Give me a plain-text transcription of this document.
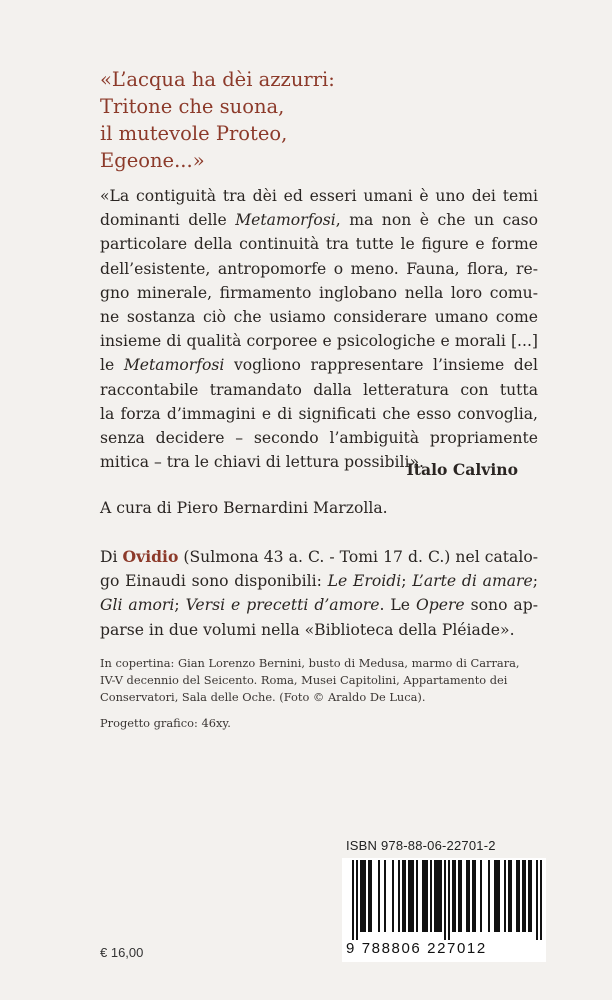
«L’acqua ha dèi azzurri:
Tritone che suona,
il mutevole Proteo,
Egeone...»
«La contiguità tra dèi ed esseri umani è uno dei temi
dominanti delle Metamorfosi, ma non è che un caso
particolare della continuità tra tutte le figure e forme
dell’esistente, antropomorfe o meno. Fauna, flora, re-
gno minerale, firmamento inglobano nella loro comu-
ne sostanza ciò che usiamo considerare umano come
insieme di qualità corporee e psicologiche e morali [...]
le Metamorfosi vogliono rappresentare l’insieme del
raccontabile tramandato dalla letteratura con tutta
la forza d’immagini e di significati che esso convoglia,
senza decidere – secondo l’ambiguità propriamente
mitica – tra le chiavi di lettura possibili».
Italo Calvino
A cura di Piero Bernardini Marzolla.
Di Ovidio (Sulmona 43 a. C. - Tomi 17 d. C.) nel catalo-
go Einaudi sono disponibili: Le Eroidi; L’arte di amare;
Gli amori; Versi e precetti d’amore. Le Opere sono ap-
parse in due volumi nella «Biblioteca della Pléiade».
In copertina: Gian Lorenzo Bernini, busto di Medusa, marmo di Carrara,
IV-V decennio del Seicento. Roma, Musei Capitolini, Appartamento dei
Conservatori, Sala delle Oche. (Foto © Araldo De Luca).
Progetto grafico: 46xy.
ISBN 978-88-06-22701-2
9 788806 227012
€ 16,00
